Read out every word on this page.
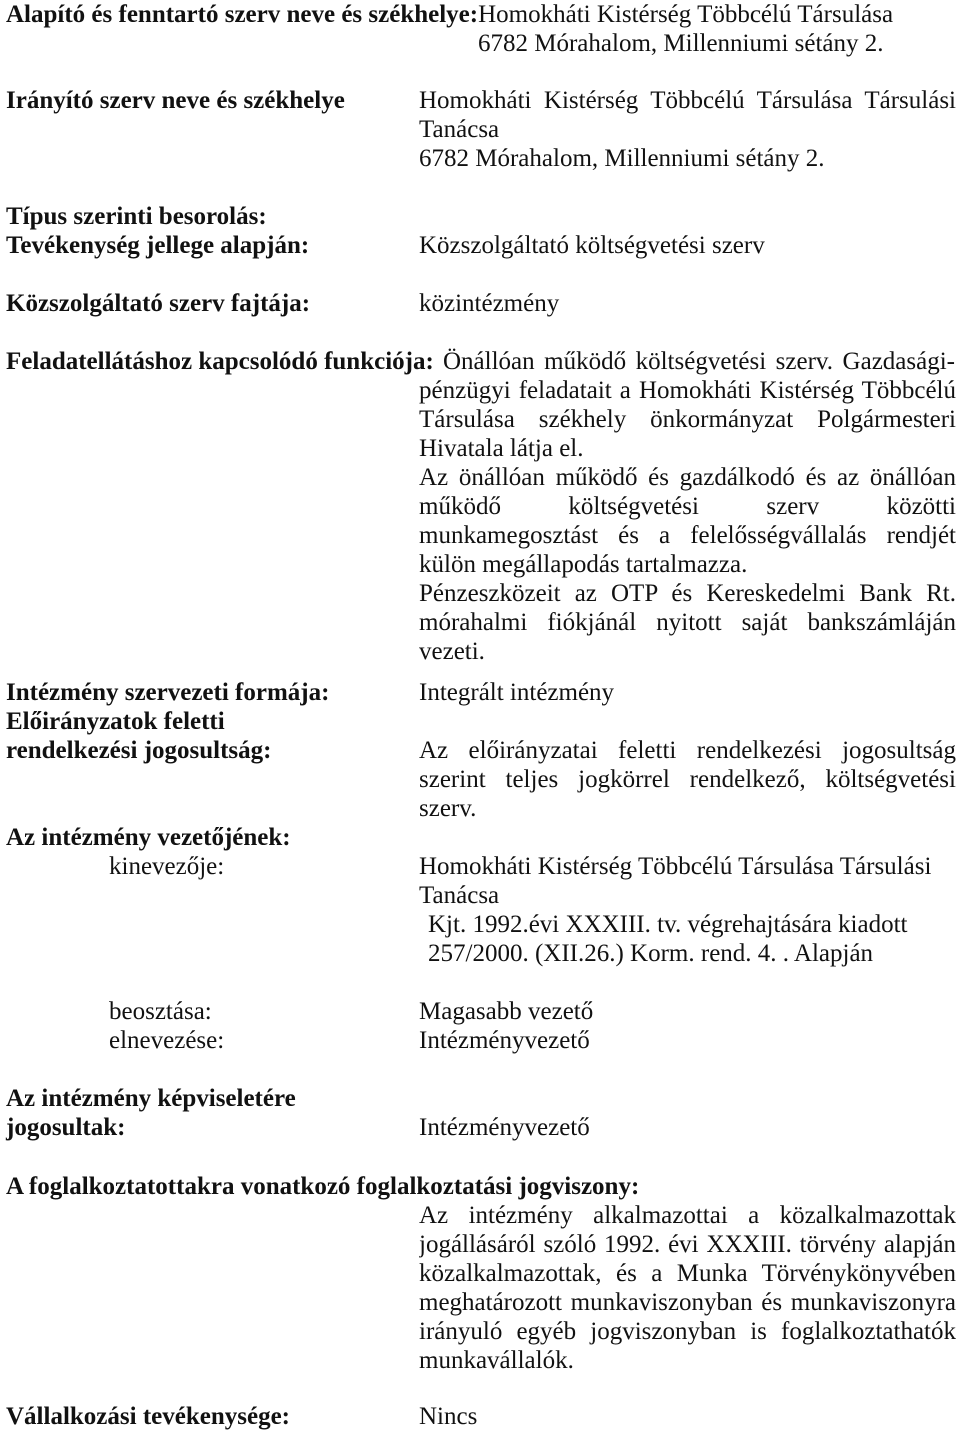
Alapító és fenntartó szerv neve és székhelye:Homokháti Kistérség Többcélú Társulása
6782 Mórahalom, Millenniumi sétány 2.
Irányító szerv neve és székhelye	Homokháti Kistérség Többcélú Társulása Társulási
Tanácsa
6782 Mórahalom, Millenniumi sétány 2.
Típus szerinti besorolás:
Tevékenység jellege alapján:	Közszolgáltató költségvetési szerv
Közszolgáltató szerv fajtája:	közintézmény
Feladatellátáshoz kapcsolódó funkciója: Önállóan működő költségvetési szerv. Gazdasági-
pénzügyi feladatait a Homokháti Kistérség Többcélú
Társulása székhely önkormányzat Polgármesteri
Hivatala látja el.
Az önállóan működő és gazdálkodó és az önállóan
működő költségvetési szerv közötti
munkamegosztást és a felelősségvállalás rendjét
külön megállapodás tartalmazza.
Pénzeszközeit az OTP és Kereskedelmi Bank Rt.
mórahalmi fiókjánál nyitott saját bankszámláján
vezeti.
Intézmény szervezeti formája:	Integrált intézmény
Előirányzatok feletti
rendelkezési jogosultság:	Az előirányzatai feletti rendelkezési jogosultság
szerint teljes jogkörrel rendelkező, költségvetési
szerv.
Az intézmény vezetőjének:
kinevezője:	Homokháti Kistérség Többcélú Társulása Társulási
Tanácsa
Kjt. 1992.évi XXXIII. tv. végrehajtására kiadott
257/2000. (XII.26.) Korm. rend. 4. . Alapján
beosztása:	Magasabb vezető
elnevezése:	Intézményvezető
Az intézmény képviseletére
jogosultak:	Intézményvezető
A foglalkoztatottakra vonatkozó foglalkoztatási jogviszony:
Az intézmény alkalmazottai a közalkalmazottak
jogállásáról szóló 1992. évi XXXIII. törvény alapján
közalkalmazottak, és a Munka Törvénykönyvében
meghatározott munkaviszonyban és munkaviszonyra
irányuló egyéb jogviszonyban is foglalkoztathatók
munkavállalók.
Vállalkozási tevékenysége:	Nincs
